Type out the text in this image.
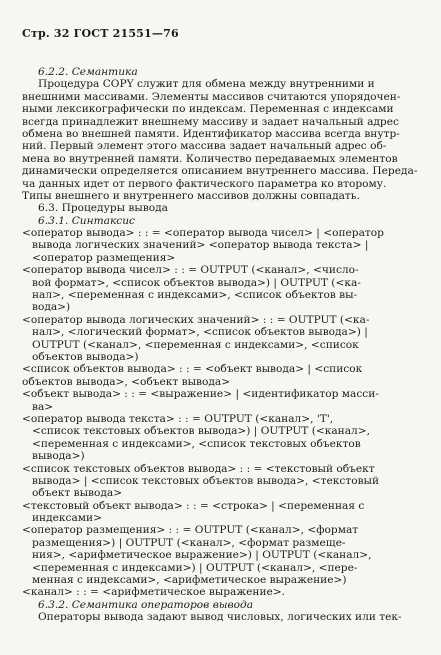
Стр. 32 ГОСТ 21551—76
6.2.2. Семантика
Процедура COPY служит для обмена между внутренними и
внешними массивами. Элементы массивов считаются упорядочен-
ными лексикографически по индексам. Переменная с индексами
всегда принадлежит внешнему массиву и задает начальный адрес
обмена во внешней памяти. Идентификатор массива всегда внутр-
ний. Первый элемент этого массива задает начальный адрес об-
мена во внутренней памяти. Количество передаваемых элементов
динамически определяется описанием внутреннего массива. Переда-
ча данных идет от первого фактического параметра ко второму.
Типы внешнего и внутреннего массивов должны совпадать.
6.3. Процедуры вывода
6.3.1. Синтаксис
<оператор вывода> : : = <оператор вывода чисел> | <оператор
вывода логических значений> <оператор вывода текста> |
<оператор размещения>
<оператор вывода чисел> : : = OUTPUT (<канал>, <число-
вой формат>, <список объектов вывода>) | OUTPUT (<ка-
нал>, <переменная с индексами>, <список объектов вы-
вода>)
<оператор вывода логических значений> : : = OUTPUT (<ка-
нал>, <логический формат>, <список объектов вывода>) |
OUTPUT (<канал>, <переменная с индексами>, <список
объектов вывода>)
<список объектов вывода> : : = <объект вывода> | <список
объектов вывода>, <объект вывода>
<объект вывода> : : = <выражение> | <идентификатор масси-
ва>
<оператор вывода текста> : : = OUTPUT (<канал>, 'T',
<список текстовых объектов вывода>) | OUTPUT (<канал>,
<переменная с индексами>, <список текстовых объектов
вывода>)
<список текстовых объектов вывода> : : = <текстовый объект
вывода> | <список текстовых объектов вывода>, <текстовый
объект вывода>
<текстовый объект вывода> : : = <строка> | <переменная с
индексами>
<оператор размещения> : : = OUTPUT (<канал>, <формат
размещения>) | OUTPUT (<канал>, <формат размеще-
ния>, <арифметическое выражение>) | OUTPUT (<канал>,
<переменная с индексами>) | OUTPUT (<канал>, <пере-
менная с индексами>, <арифметическое выражение>)
<канал> : : = <арифметическое выражение>.
6.3.2. Семантика операторов вывода
Операторы вывода задают вывод числовых, логических или тек-
